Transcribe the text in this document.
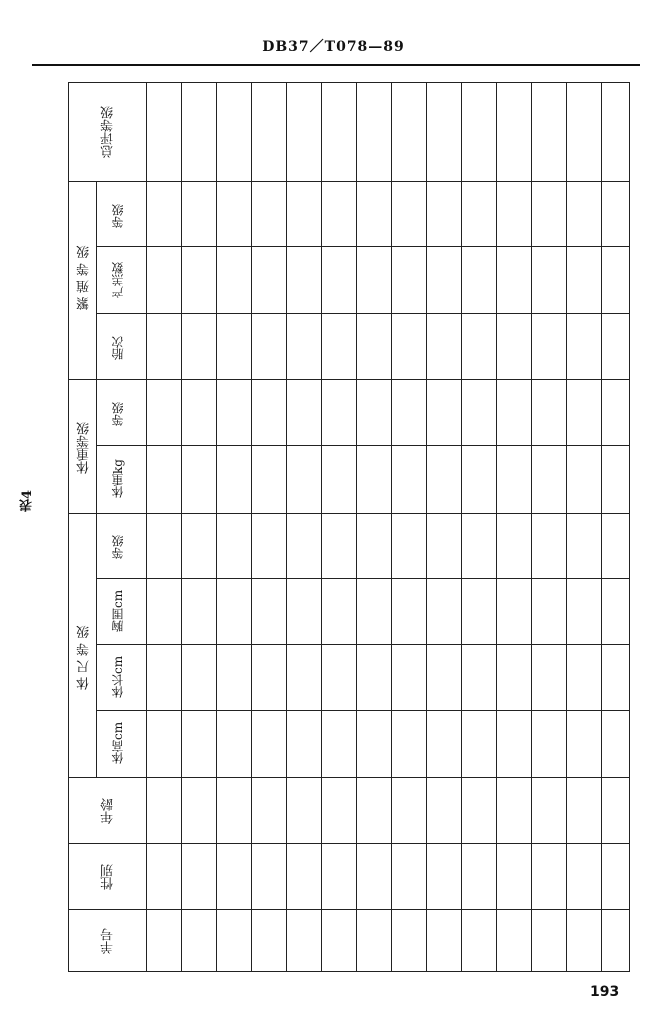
DB37／T078—89
表4
总评等级
繁 殖 等 级
等级
产羔数
胎次
体重等级
等级
体重kg
体 尺 等 级
等级
胸围cm
体长cm
体高cm
年龄
性别
羊号
193
